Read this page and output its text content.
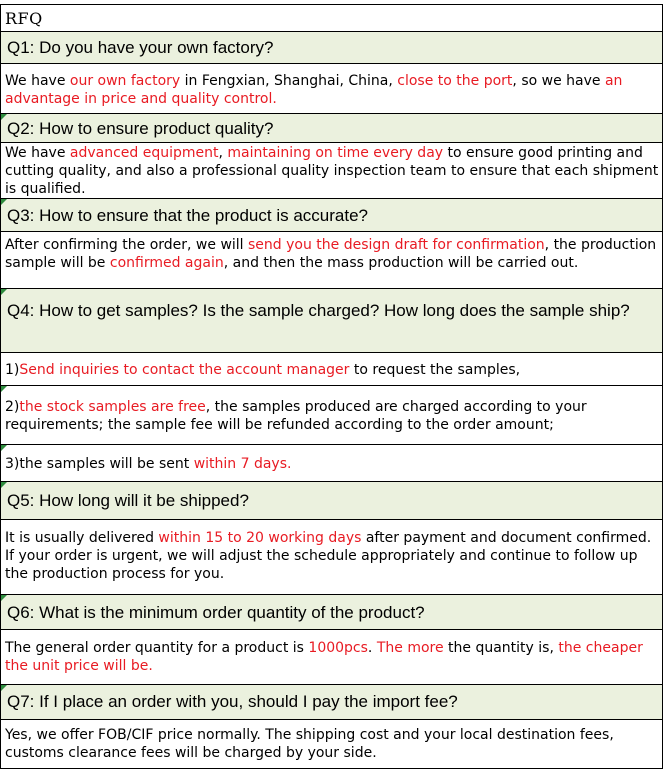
RFQ
Q1: Do you have your own factory?
We have our own factory in Fengxian, Shanghai, China, close to the port, so we have an advantage in price and quality control.
Q2: How to ensure product quality?
We have advanced equipment, maintaining on time every day to ensure good printing and cutting quality, and also a professional quality inspection team to ensure that each shipment is qualified.
Q3: How to ensure that the product is accurate?
After confirming the order, we will send you the design draft for confirmation, the production sample will be confirmed again, and then the mass production will be carried out.
Q4: How to get samples? Is the sample charged? How long does the sample ship?
1)Send inquiries to contact the account manager to request the samples,
2)the stock samples are free, the samples produced are charged according to your requirements; the sample fee will be refunded according to the order amount;
3)the samples will be sent within 7 days.
Q5: How long will it be shipped?
It is usually delivered within 15 to 20 working days after payment and document confirmed. If your order is urgent, we will adjust the schedule appropriately and continue to follow up the production process for you.
Q6: What is the minimum order quantity of the product?
The general order quantity for a product is 1000pcs. The more the quantity is, the cheaper the unit price will be.
Q7: If I place an order with you, should I pay the import fee?
Yes, we offer FOB/CIF price normally. The shipping cost and your local destination fees, customs clearance fees will be charged by your side.
